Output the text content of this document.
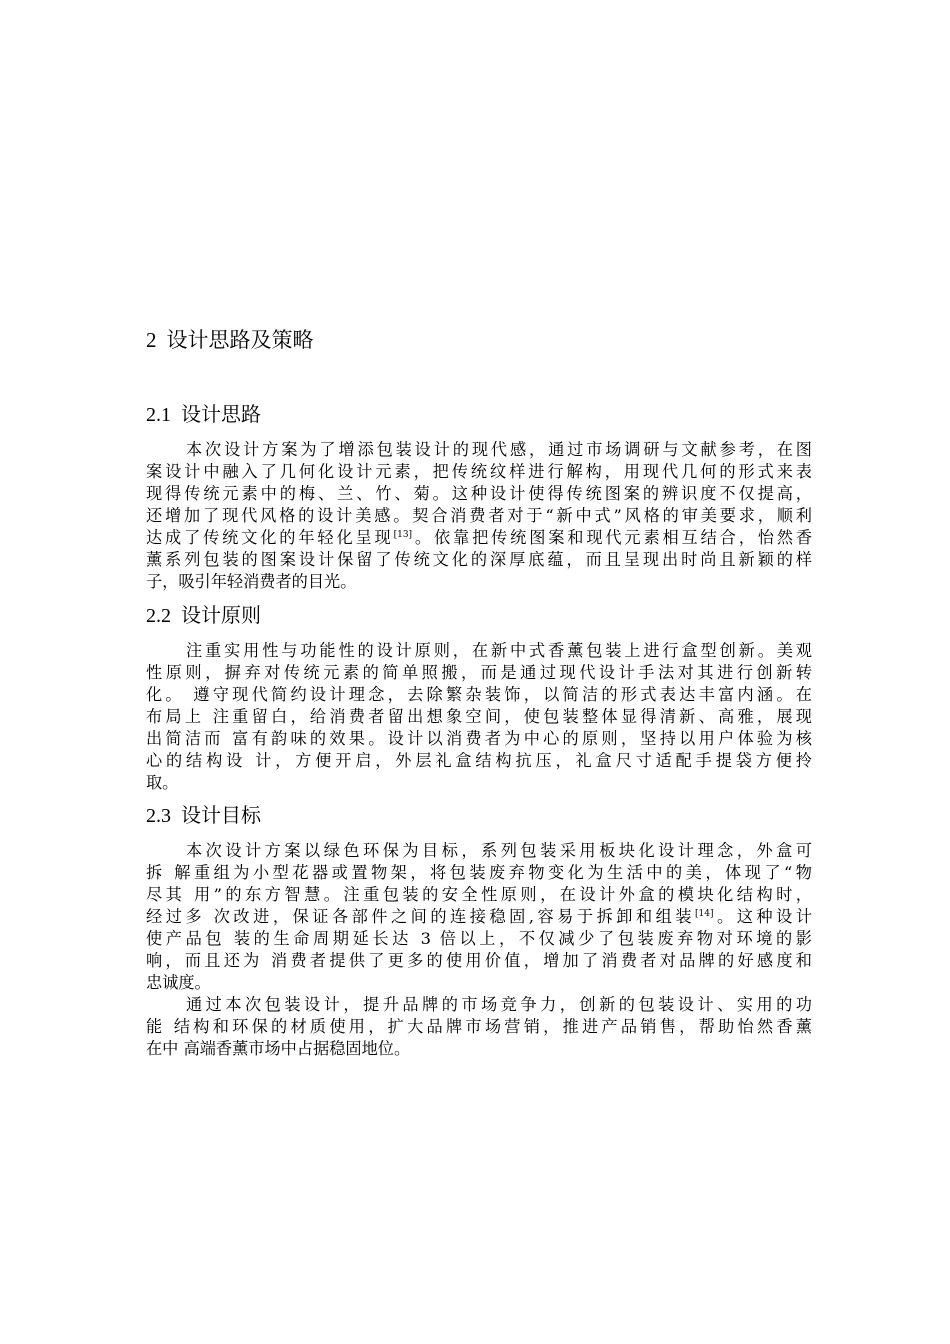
2 设计思路及策略
2.1 设计思路
本次设计方案为了增添包装设计的现代感，通过市场调研与文献参考，在图
案设计中融入了几何化设计元素，把传统纹样进行解构，用现代几何的形式来表
现得传统元素中的梅、兰、竹、菊。这种设计使得传统图案的辨识度不仅提高，
还增加了现代风格的设计美感。契合消费者对于“新中式”风格的审美要求，顺利
达成了传统文化的年轻化呈现[13]。依靠把传统图案和现代元素相互结合，怡然香
薰系列包装的图案设计保留了传统文化的深厚底蕴，而且呈现出时尚且新颖的样
子，吸引年轻消费者的目光。
2.2 设计原则
注重实用性与功能性的设计原则，在新中式香薰包装上进行盒型创新。美观
性原则，摒弃对传统元素的简单照搬，而是通过现代设计手法对其进行创新转
化。 遵守现代简约设计理念，去除繁杂装饰，以简洁的形式表达丰富内涵。在
布局上 注重留白，给消费者留出想象空间，使包装整体显得清新、高雅，展现
出简洁而 富有韵味的效果。设计以消费者为中心的原则，坚持以用户体验为核
心的结构设 计，方便开启，外层礼盒结构抗压，礼盒尺寸适配手提袋方便拎
取。
2.3 设计目标
本次设计方案以绿色环保为目标，系列包装采用板块化设计理念，外盒可
拆 解重组为小型花器或置物架，将包装废弃物变化为生活中的美，体现了“物
尽其 用”的东方智慧。注重包装的安全性原则，在设计外盒的模块化结构时，
经过多 次改进，保证各部件之间的连接稳固,容易于拆卸和组装[14]。这种设计
使产品包 装的生命周期延长达 3 倍以上，不仅减少了包装废弃物对环境的影
响，而且还为 消费者提供了更多的使用价值，增加了消费者对品牌的好感度和
忠诚度。
通过本次包装设计，提升品牌的市场竞争力，创新的包装设计、实用的功
能 结构和环保的材质使用，扩大品牌市场营销，推进产品销售，帮助怡然香薰
在中 高端香薰市场中占据稳固地位。
